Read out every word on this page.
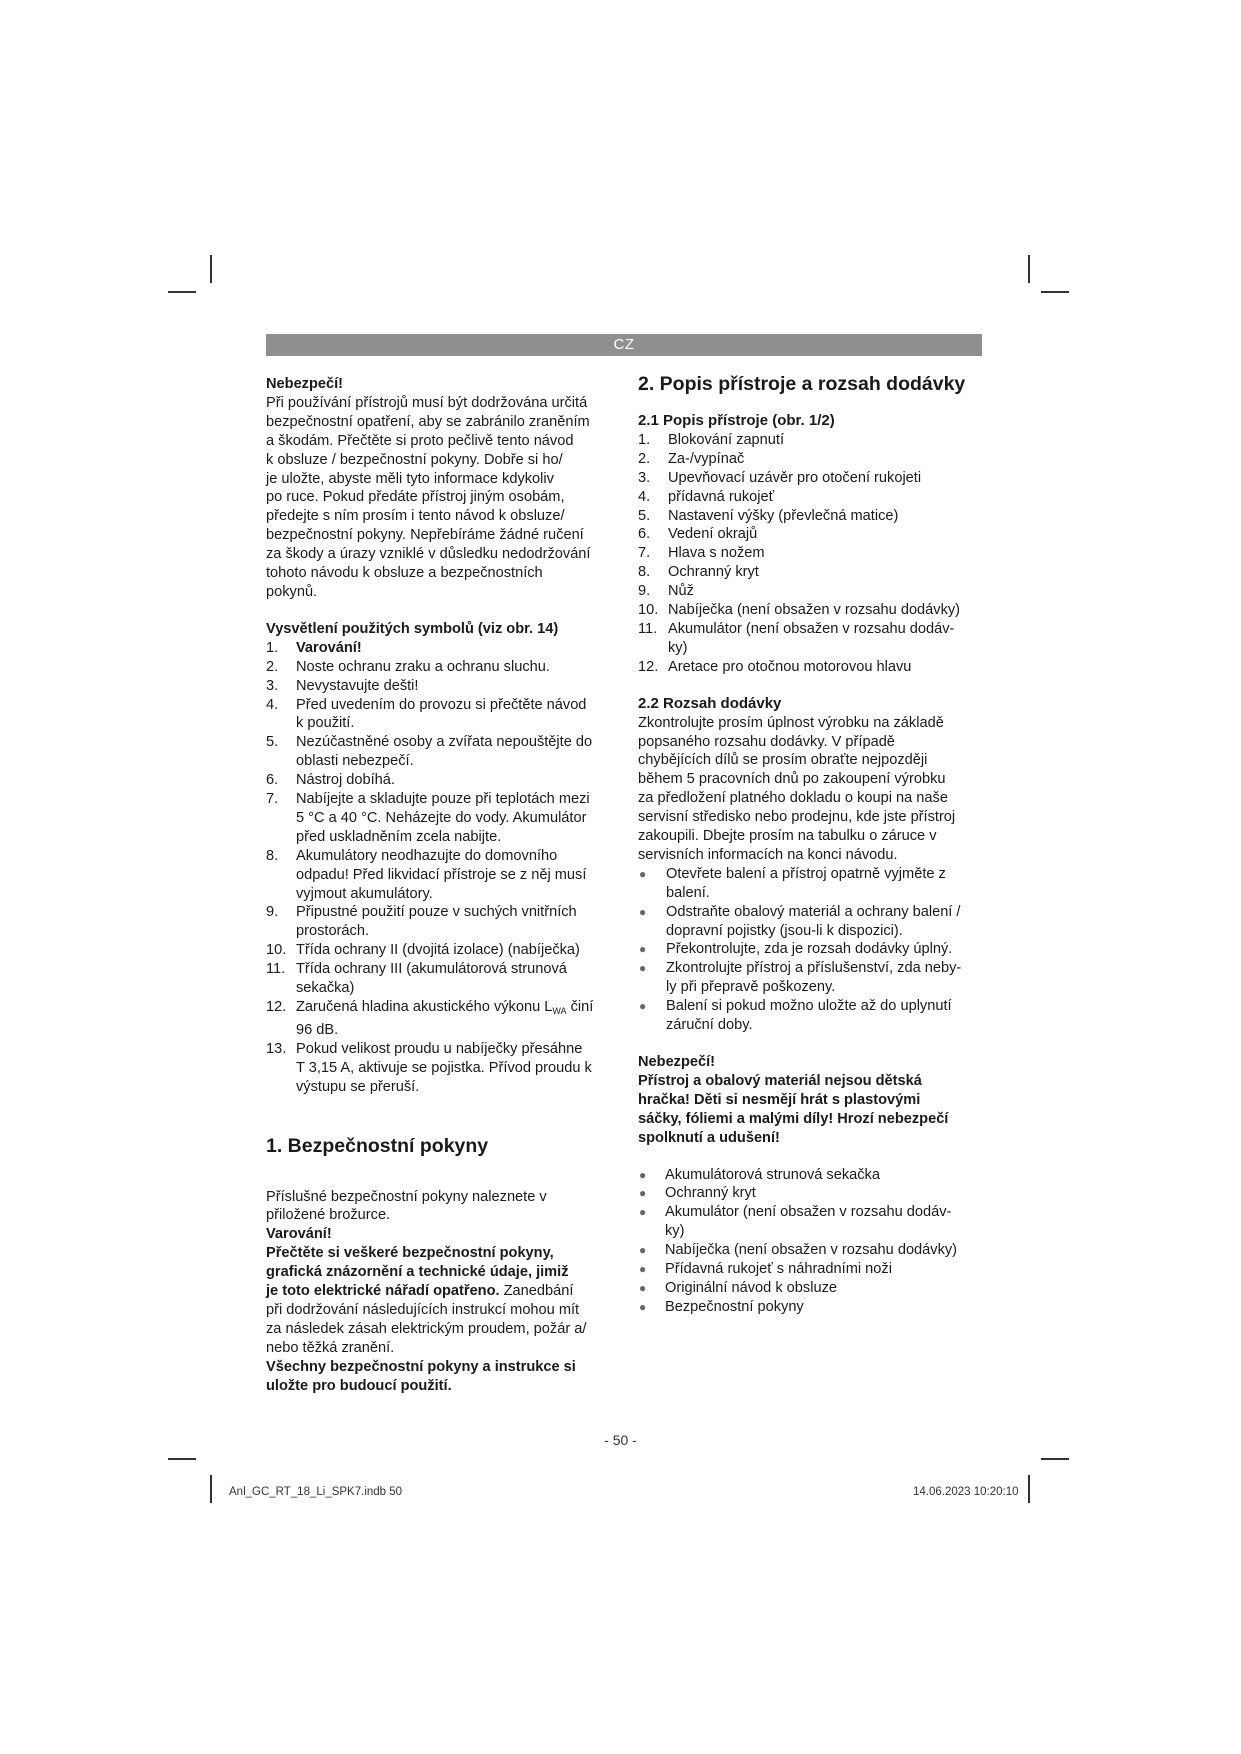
CZ

Nebezpečí!

Při používání přístrojů musí být dodržována určitá

bezpečnostní opatření, aby se zabránilo zraněním

a škodám. Přečtěte si proto pečlivě tento návod

k obsluze / bezpečnostní pokyny. Dobře si ho/

je uložte, abyste měli tyto informace kdykoliv

po ruce. Pokud předáte přístroj jiným osobám,

předejte s ním prosím i tento návod k obsluze/

bezpečnostní pokyny. Nepřebíráme žádné ručení

za škody a úrazy vzniklé v důsledku nedodržování

tohoto návodu k obsluze a bezpečnostních

pokynů.

Vysvětlení použitých symbolů (viz obr. 14)

1. Varování!
2. Noste ochranu zraku a ochranu sluchu.
3. Nevystavujte dešti!
4. Před uvedením do provozu si přečtěte návod
k použití.
5. Nezúčastněné osoby a zvířata nepouštějte do
oblasti nebezpečí.
6. Nástroj dobíhá.
7. Nabíjejte a skladujte pouze při teplotách mezi
5 °C a 40 °C. Neházejte do vody. Akumulátor
před uskladněním zcela nabijte.
8. Akumulátory neodhazujte do domovního
odpadu! Před likvidací přístroje se z něj musí
vyjmout akumulátory.
9. Připustné použití pouze v suchých vnitřních
prostorách.
10. Třída ochrany II (dvojitá izolace) (nabíječka)
11. Třída ochrany III (akumulátorová strunová
sekačka)
12. Zaručená hladina akustického výkonu $L_{WA}$ činí
96 dB.
13. Pokud velikost proudu u nabíječky přesáhne
T 3,15 A, aktivuje se pojistka. Přívod proudu k
výstupu se přeruší.

1. Bezpečnostní pokyny

Příslušné bezpečnostní pokyny naleznete v

přiložené brožurce.

Varování!

Přečtěte si veškeré bezpečnostní pokyny,

grafická znázornění a technické údaje, jimiž

je toto elektrické nářadí opatřeno. Zanedbání

při dodržování následujících instrukcí mohou mít

za následek zásah elektrickým proudem, požár a/

nebo těžká zranění.

Všechny bezpečnostní pokyny a instrukce si

uložte pro budoucí použití.

2. Popis přístroje a rozsah dodávky

2.1 Popis přístroje (obr. 1/2)

1. Blokování zapnutí
2. Za-/vypínač
3. Upevňovací uzávěr pro otočení rukojeti
4. přídavná rukojeť
5. Nastavení výšky (převlečná matice)
6. Vedení okrajů
7. Hlava s nožem
8. Ochranný kryt
9. Nůž
10. Nabíječka (není obsažen v rozsahu dodávky)
11. Akumulátor (není obsažen v rozsahu dodáv-
ky)
12. Aretace pro otočnou motorovou hlavu

2.2 Rozsah dodávky

Zkontrolujte prosím úplnost výrobku na základě

popsaného rozsahu dodávky. V případě

chybějících dílů se prosím obraťte nejpozději

během 5 pracovních dnů po zakoupení výrobku

za předložení platného dokladu o koupi na naše

servisní středisko nebo prodejnu, kde jste přístroj

zakoupili. Dbejte prosím na tabulku o záruce v

servisních informacích na konci návodu.

● Otevřete balení a přístroj opatrně vyjměte z
balení.
● Odstraňte obalový materiál a ochrany balení /
dopravní pojistky (jsou-li k dispozici).
● Překontrolujte, zda je rozsah dodávky úplný.
● Zkontrolujte přístroj a příslušenství, zda neby-
ly při přepravě poškozeny.
● Balení si pokud možno uložte až do uplynutí
záruční doby.

Nebezpečí!

Přístroj a obalový materiál nejsou dětská

hračka! Děti si nesmějí hrát s plastovými

sáčky, fóliemi a malými díly! Hrozí nebezpečí

spolknutí a udušení!

● Akumulátorová strunová sekačka
● Ochranný kryt
● Akumulátor (není obsažen v rozsahu dodáv-
ky)
● Nabíječka (není obsažen v rozsahu dodávky)
● Přídavná rukojeť s náhradními noži
● Originální návod k obsluze
● Bezpečnostní pokyny
- 50 -
Anl_GC_RT_18_Li_SPK7.indb 50	14.06.2023 10:20:10
